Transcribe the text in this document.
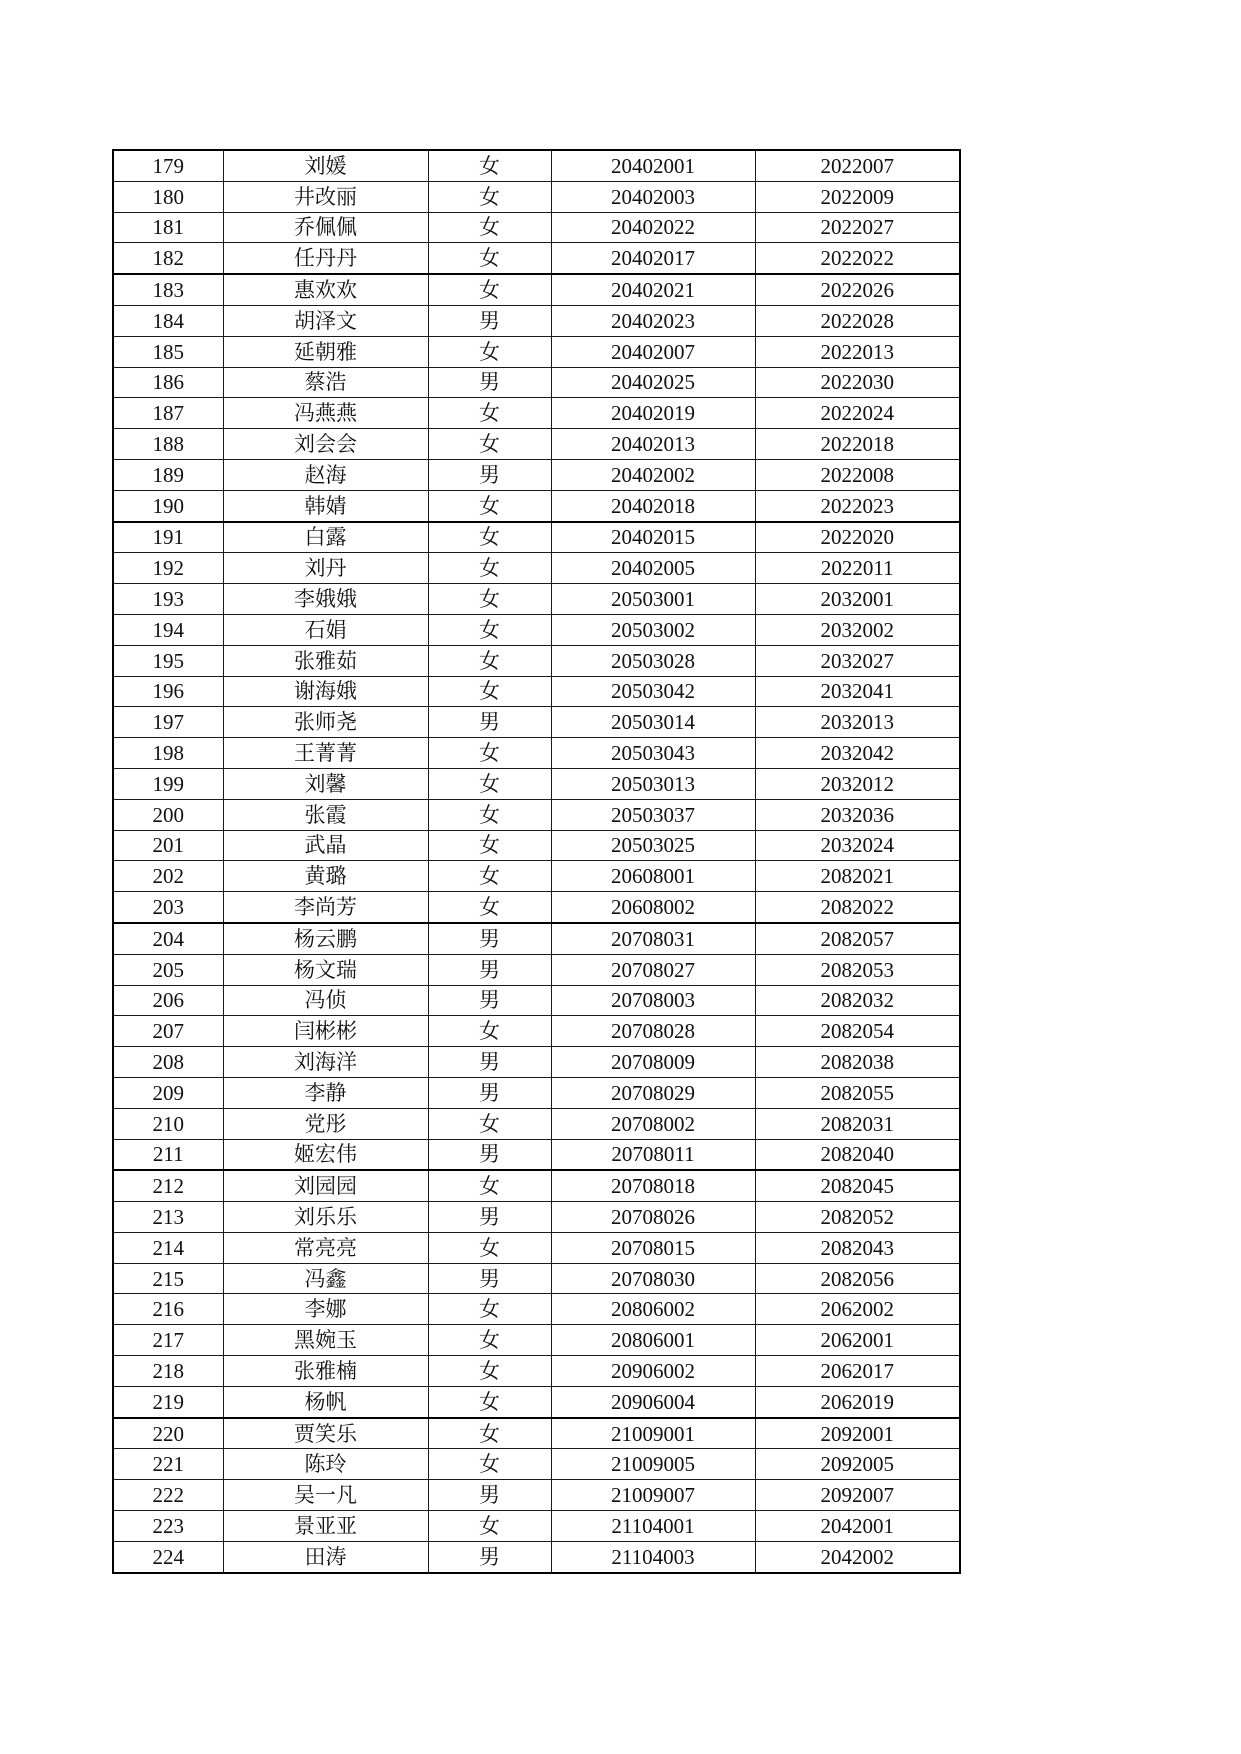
179	刘媛	女	20402001	2022007
180	井改丽	女	20402003	2022009
181	乔佩佩	女	20402022	2022027
182	任丹丹	女	20402017	2022022
183	惠欢欢	女	20402021	2022026
184	胡泽文	男	20402023	2022028
185	延朝雅	女	20402007	2022013
186	蔡浩	男	20402025	2022030
187	冯燕燕	女	20402019	2022024
188	刘会会	女	20402013	2022018
189	赵海	男	20402002	2022008
190	韩婧	女	20402018	2022023
191	白露	女	20402015	2022020
192	刘丹	女	20402005	2022011
193	李娥娥	女	20503001	2032001
194	石娟	女	20503002	2032002
195	张雅茹	女	20503028	2032027
196	谢海娥	女	20503042	2032041
197	张师尧	男	20503014	2032013
198	王菁菁	女	20503043	2032042
199	刘馨	女	20503013	2032012
200	张霞	女	20503037	2032036
201	武晶	女	20503025	2032024
202	黄璐	女	20608001	2082021
203	李尚芳	女	20608002	2082022
204	杨云鹏	男	20708031	2082057
205	杨文瑞	男	20708027	2082053
206	冯侦	男	20708003	2082032
207	闫彬彬	女	20708028	2082054
208	刘海洋	男	20708009	2082038
209	李静	男	20708029	2082055
210	党彤	女	20708002	2082031
211	姬宏伟	男	20708011	2082040
212	刘园园	女	20708018	2082045
213	刘乐乐	男	20708026	2082052
214	常亮亮	女	20708015	2082043
215	冯鑫	男	20708030	2082056
216	李娜	女	20806002	2062002
217	黑婉玉	女	20806001	2062001
218	张雅楠	女	20906002	2062017
219	杨帆	女	20906004	2062019
220	贾笑乐	女	21009001	2092001
221	陈玲	女	21009005	2092005
222	吴一凡	男	21009007	2092007
223	景亚亚	女	21104001	2042001
224	田涛	男	21104003	2042002
